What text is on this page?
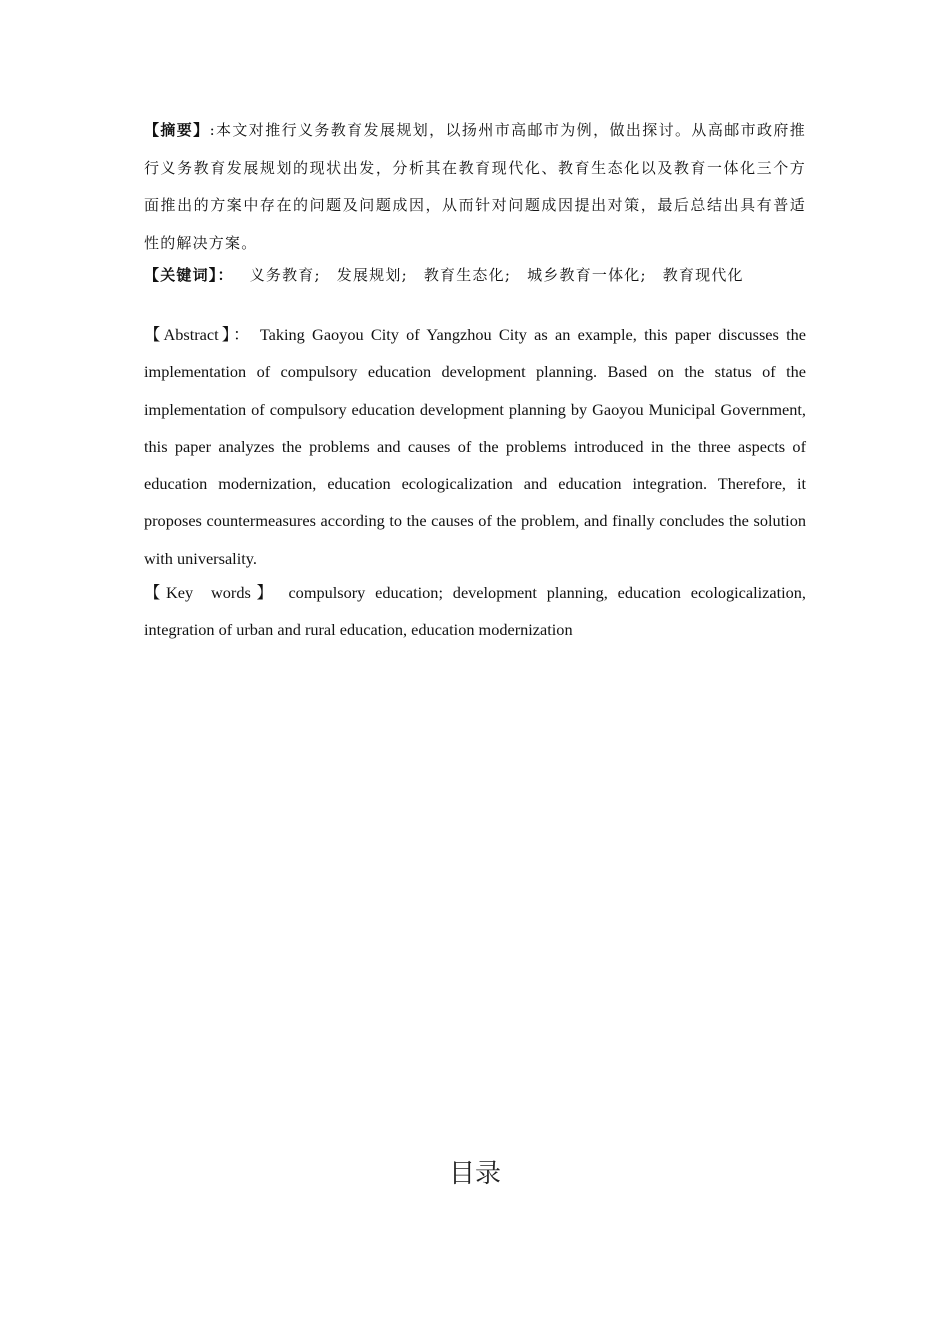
【摘要】:本文对推行义务教育发展规划，以扬州市高邮市为例，做出探讨。从高邮市政府推行义务教育发展规划的现状出发，分析其在教育现代化、教育生态化以及教育一体化三个方面推出的方案中存在的问题及问题成因，从而针对问题成因提出对策，最后总结出具有普适性的解决方案。

【关键词】： 义务教育; 发展规划; 教育生态化; 城乡教育一体化; 教育现代化

【Abstract】： Taking Gaoyou City of Yangzhou City as an example, this paper discusses the implementation of compulsory education development planning. Based on the status of the implementation of compulsory education development planning by Gaoyou Municipal Government, this paper analyzes the problems and causes of the problems introduced in the three aspects of education modernization, education ecologicalization and education integration. Therefore, it proposes countermeasures according to the causes of the problem, and finally concludes the solution with universality.

【Key words】 compulsory education; development planning, education ecologicalization, integration of urban and rural education, education modernization

目录
